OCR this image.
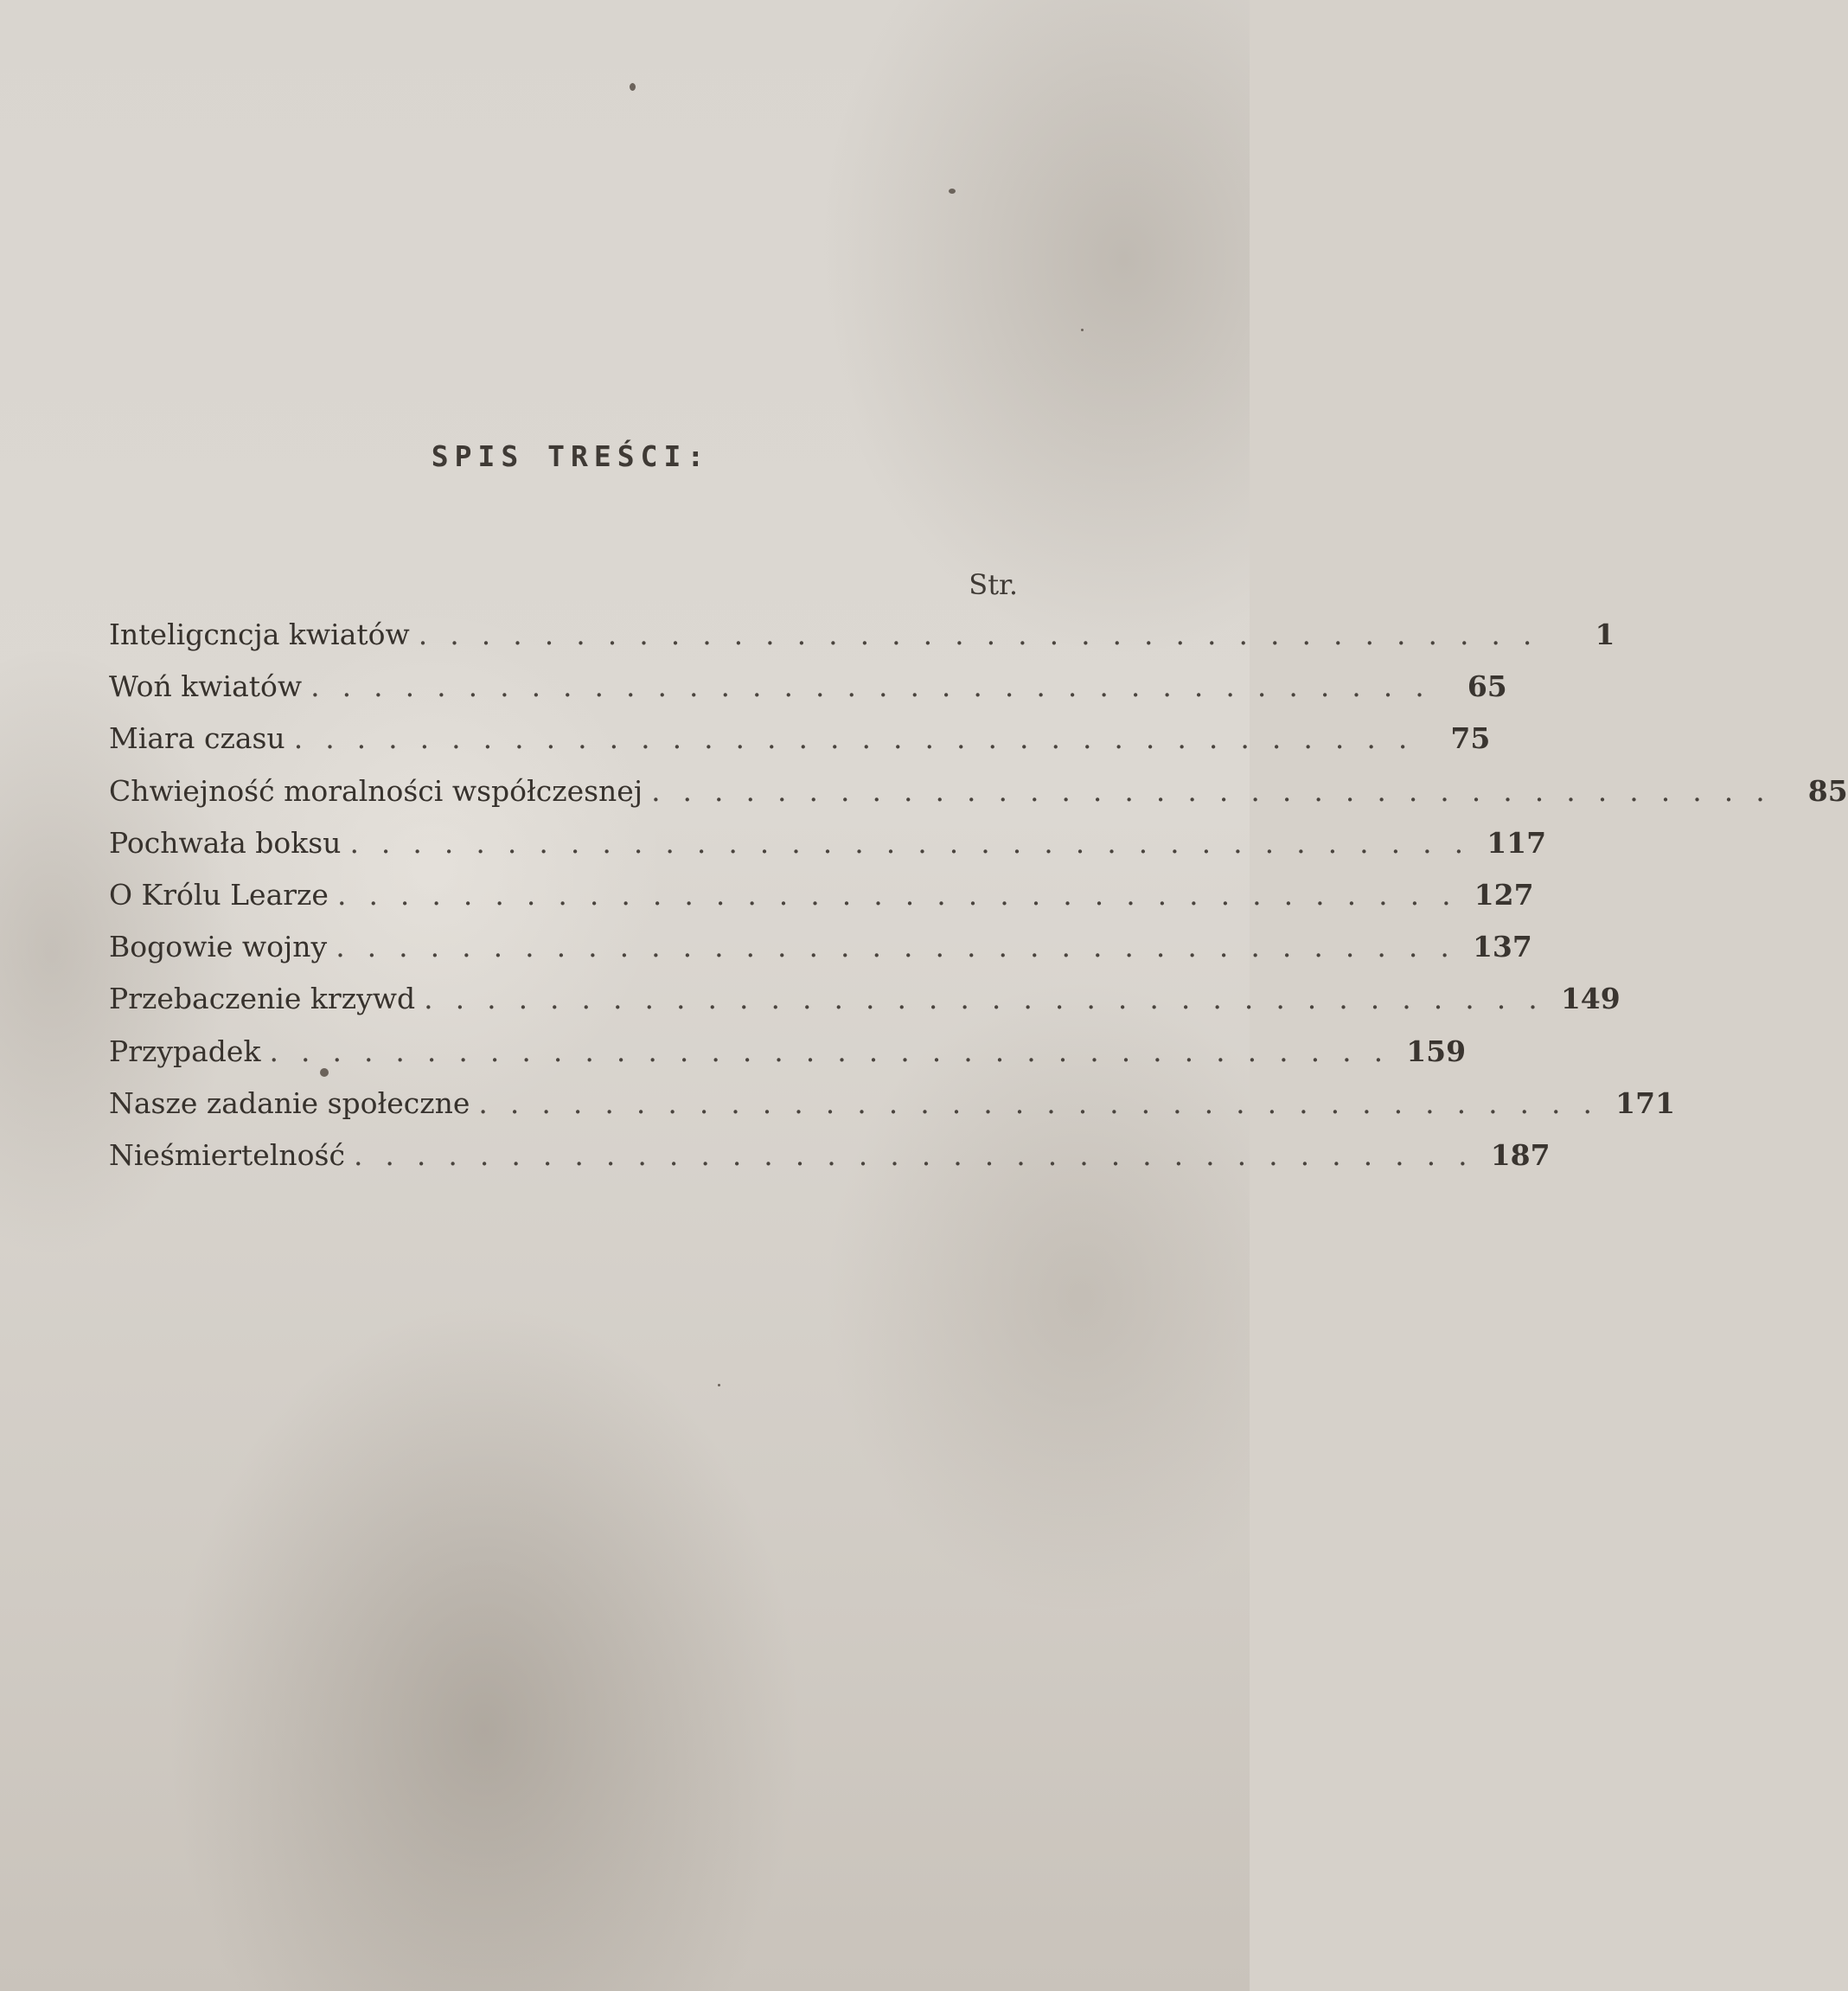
SPIS TREŚCI:
Str.
Inteligcncja kwiatów ....................................	1
Woń kwiatów .................................... 65
Miara czasu .................................... 75
Chwiejność moralności współczesnej .................................... 85
Pochwała boksu .................................... 117
O Królu Learze .................................... 127
Bogowie wojny .................................... 137
Przebaczenie krzywd .................................... 149
Przypadek .................................... 159
Nasze zadanie społeczne .................................... 171
Nieśmiertelność .................................... 187
